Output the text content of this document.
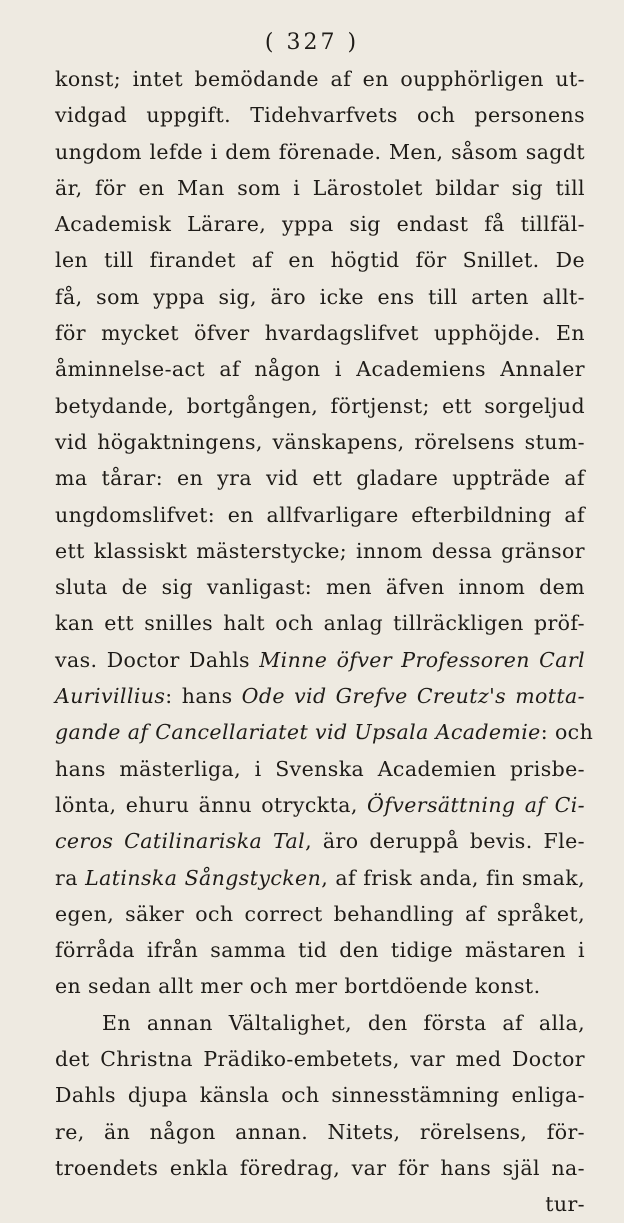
( 327 )
konst; intet bemödande af en oupphörligen ut-
vidgad uppgift. Tidehvarfvets och personens
ungdom lefde i dem förenade. Men, såsom sagdt
är, för en Man som i Lärostolet bildar sig till
Academisk Lärare, yppa sig endast få tillfäl-
len till firandet af en högtid för Snillet. De
få, som yppa sig, äro icke ens till arten allt-
för mycket öfver hvardagslifvet upphöjde. En
åminnelse-act af någon i Academiens Annaler
betydande, bortgången, förtjenst; ett sorgeljud
vid högaktningens, vänskapens, rörelsens stum-
ma tårar: en yra vid ett gladare uppträde af
ungdomslifvet: en allfvarligare efterbildning af
ett klassiskt mästerstycke; innom dessa gränsor
sluta de sig vanligast: men äfven innom dem
kan ett snilles halt och anlag tillräckligen pröf-
vas. Doctor Dahls Minne öfver Professoren Carl
Aurivillius: hans Ode vid Grefve Creutz's motta-
gande af Cancellariatet vid Upsala Academie: och
hans mästerliga, i Svenska Academien prisbe-
lönta, ehuru ännu otryckta, Öfversättning af Ci-
ceros Catilinariska Tal, äro deruppå bevis. Fle-
ra Latinska Sångstycken, af frisk anda, fin smak,
egen, säker och correct behandling af språket,
förråda ifrån samma tid den tidige mästaren i
en sedan allt mer och mer bortdöende konst.
En annan Vältalighet, den första af alla,
det Christna Prädiko-embetets, var med Doctor
Dahls djupa känsla och sinnesstämning enliga-
re, än någon annan. Nitets, rörelsens, för-
troendets enkla föredrag, var för hans själ na-
tur-
